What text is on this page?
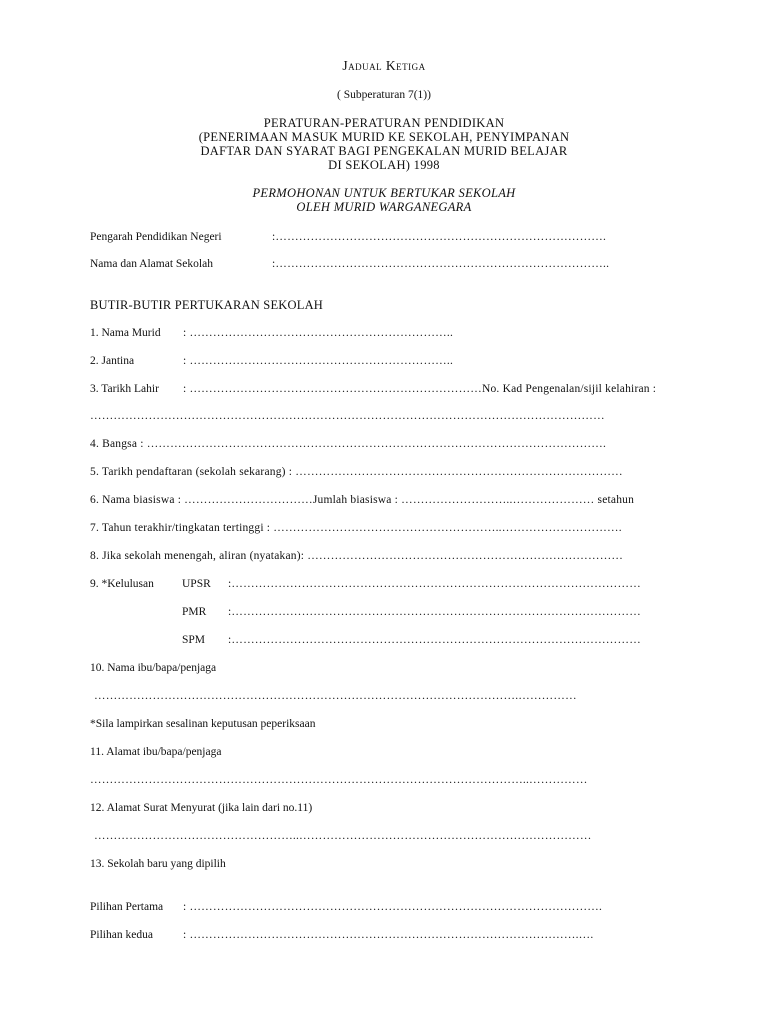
Jadual Ketiga
( Subperaturan 7(1))
PERATURAN-PERATURAN PENDIDIKAN
(PENERIMAAN MASUK MURID KE SEKOLAH, PENYIMPANAN
DAFTAR DAN SYARAT BAGI PENGEKALAN MURID BELAJAR
DI SEKOLAH) 1998
PERMOHONAN UNTUK BERTUKAR SEKOLAH
OLEH MURID WARGANEGARA
Pengarah Pendidikan Negeri	:………………………………………………………………………….
Nama dan Alamat Sekolah	:…………………………………………………………………………..
BUTIR-BUTIR PERTUKARAN SEKOLAH
1. Nama Murid : …………………………………………………………..
2. Jantina	: …………………………………………………………..
3. Tarikh Lahir : …………………………………………………………………No. Kad Pengenalan/sijil kelahiran :
……………………………………………………………………………………………………………………
4. Bangsa : ……………………………………………………………………………………………………….
5. Tarikh pendaftaran (sekolah sekarang) : …………………………………………………………………………
6. Nama biasiswa : ……………………………Jumlah biasiswa : ………………………..………………… setahun
7. Tahun terakhir/tingkatan tertinggi : …………………………………………………..………………………….
8. Jika sekolah menengah, aliran (nyatakan): ………………………………………………………………………
9. *Kelulusan UPSR :……………………………………………………………………………………………
PMR :……………………………………………………………………………………………
SPM :……………………………………………………………………………………………
10. Nama ibu/bapa/penjaga
……………………………………………………………………………………………….……………
*Sila lampirkan sesalinan keputusan peperiksaan
11. Alamat ibu/bapa/penjaga
…………………………………………………………………………………………………..……………
12. Alamat Surat Menyurat (jika lain dari no.11)
……………………………………………..…………………………………………………………………
13. Sekolah baru yang dipilih
Pilihan Pertama : …………………………………………………………………………………………….
Pilihan kedua	: ……………………………………………………………………………………….….
